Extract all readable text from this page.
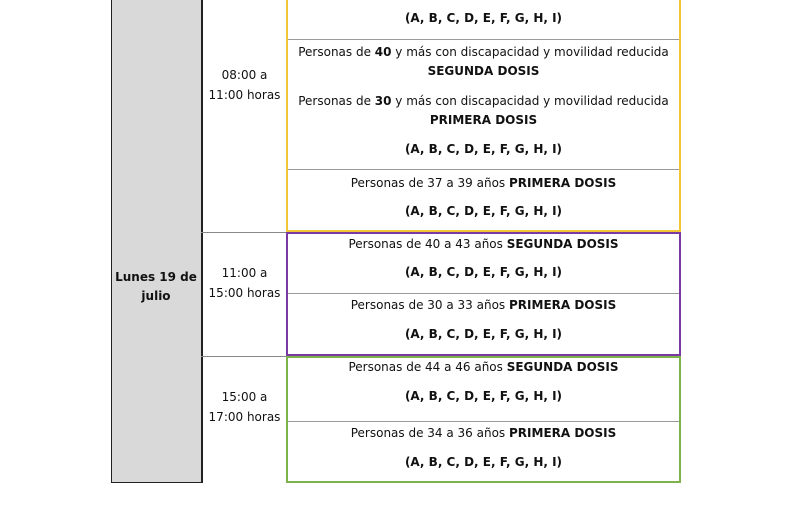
Lunes 19 de
julio
08:00 a
11:00 horas
11:00 a
15:00 horas
15:00 a
17:00 horas
(A, B, C, D, E, F, G, H, I)
Personas de 40 y más con discapacidad y movilidad reducida
SEGUNDA DOSIS
Personas de 30 y más con discapacidad y movilidad reducida
PRIMERA DOSIS
(A, B, C, D, E, F, G, H, I)
Personas de 37 a 39 años PRIMERA DOSIS
(A, B, C, D, E, F, G, H, I)
Personas de 40 a 43 años SEGUNDA DOSIS
(A, B, C, D, E, F, G, H, I)
Personas de 30 a 33 años PRIMERA DOSIS
(A, B, C, D, E, F, G, H, I)
Personas de 44 a 46 años SEGUNDA DOSIS
(A, B, C, D, E, F, G, H, I)
Personas de 34 a 36 años PRIMERA DOSIS
(A, B, C, D, E, F, G, H, I)
